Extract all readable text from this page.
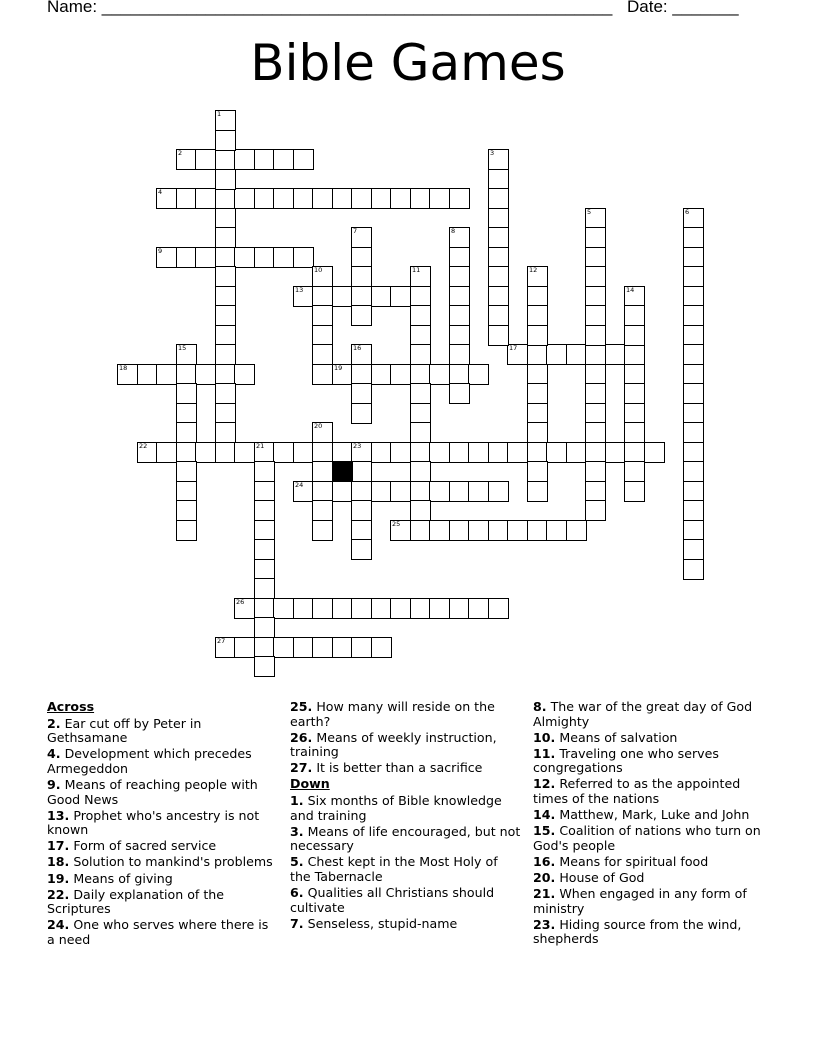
Name: ______________________________________________________ Date: _______
Bible Games
2
4
9
13
17
18	19
22	21	23
24
25
26
27
1
3
5	6
7	8
10	11	12
14
15	16
20
Across
2. Ear cut off by Peter in Gethsamane
4. Development which precedes Armegeddon
9. Means of reaching people with Good News
13. Prophet who's ancestry is not known
17. Form of sacred service
18. Solution to mankind's problems
19. Means of giving
22. Daily explanation of the Scriptures
24. One who serves where there is a need
25. How many will reside on the earth?
26. Means of weekly instruction, training
27. It is better than a sacrifice
Down
1. Six months of Bible knowledge and training
3. Means of life encouraged, but not necessary
5. Chest kept in the Most Holy of the Tabernacle
6. Qualities all Christians should cultivate
7. Senseless, stupid-name
8. The war of the great day of God Almighty
10. Means of salvation
11. Traveling one who serves congregations
12. Referred to as the appointed times of the nations
14. Matthew, Mark, Luke and John
15. Coalition of nations who turn on God's people
16. Means for spiritual food
20. House of God
21. When engaged in any form of ministry
23. Hiding source from the wind, shepherds
